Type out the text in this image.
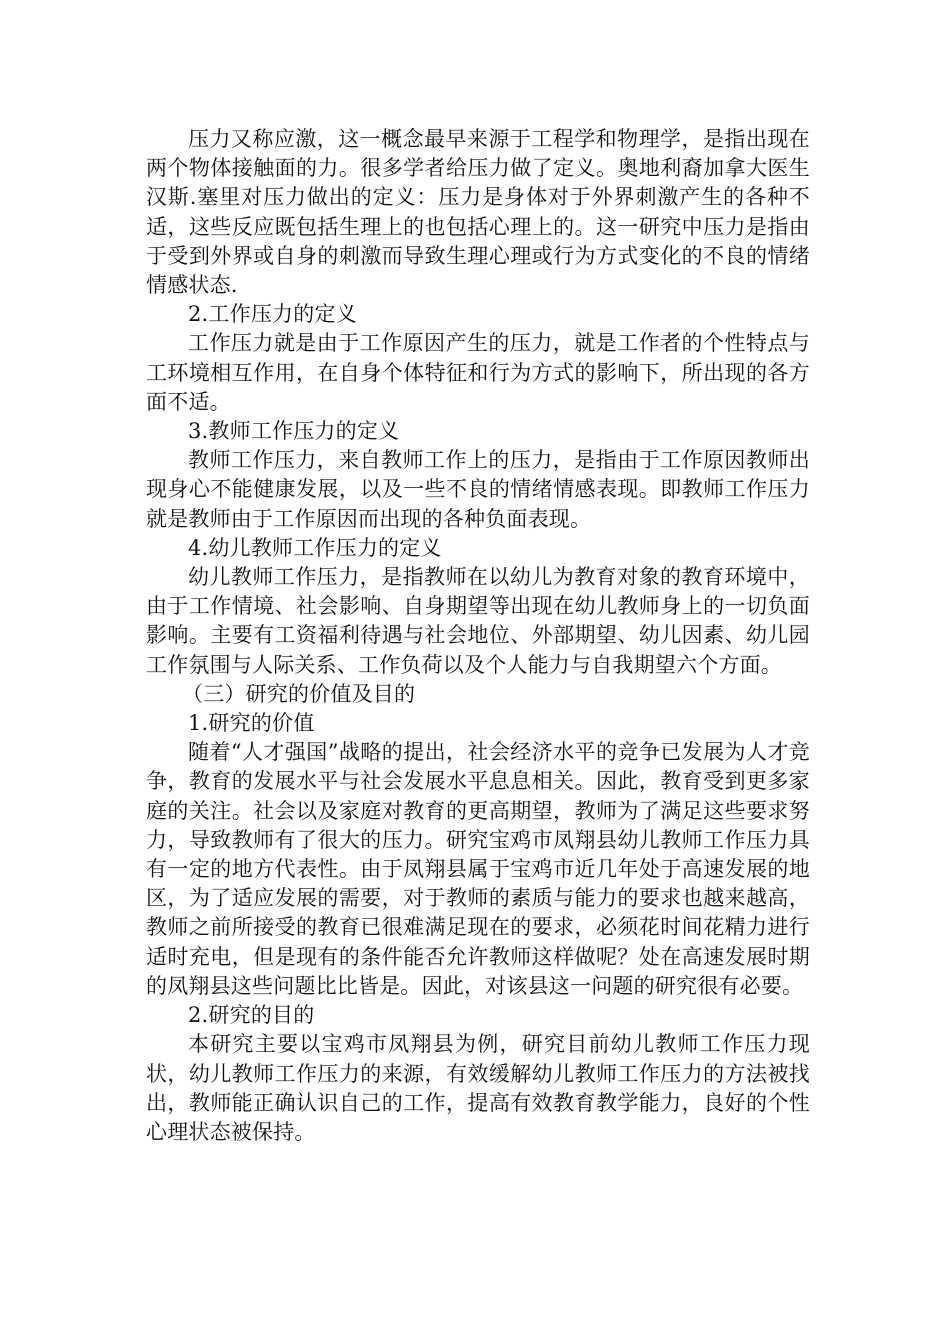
压力又称应激，这一概念最早来源于工程学和物理学，是指出现在两个物体接触面的力。很多学者给压力做了定义。奥地利裔加拿大医生汉斯.塞里对压力做出的定义：压力是身体对于外界刺激产生的各种不适，这些反应既包括生理上的也包括心理上的。这一研究中压力是指由于受到外界或自身的刺激而导致生理心理或行为方式变化的不良的情绪情感状态.

2.工作压力的定义

工作压力就是由于工作原因产生的压力，就是工作者的个性特点与工环境相互作用，在自身个体特征和行为方式的影响下，所出现的各方面不适。

3.教师工作压力的定义

教师工作压力，来自教师工作上的压力，是指由于工作原因教师出现身心不能健康发展，以及一些不良的情绪情感表现。即教师工作压力就是教师由于工作原因而出现的各种负面表现。

4.幼儿教师工作压力的定义

幼儿教师工作压力，是指教师在以幼儿为教育对象的教育环境中，由于工作情境、社会影响、自身期望等出现在幼儿教师身上的一切负面影响。主要有工资福利待遇与社会地位、外部期望、幼儿因素、幼儿园工作氛围与人际关系、工作负荷以及个人能力与自我期望六个方面。

（三）研究的价值及目的

1.研究的价值

随着“人才强国”战略的提出，社会经济水平的竞争已发展为人才竞争，教育的发展水平与社会发展水平息息相关。因此，教育受到更多家庭的关注。社会以及家庭对教育的更高期望，教师为了满足这些要求努力，导致教师有了很大的压力。研究宝鸡市凤翔县幼儿教师工作压力具有一定的地方代表性。由于凤翔县属于宝鸡市近几年处于高速发展的地区，为了适应发展的需要，对于教师的素质与能力的要求也越来越高，教师之前所接受的教育已很难满足现在的要求，必须花时间花精力进行适时充电，但是现有的条件能否允许教师这样做呢？处在高速发展时期的凤翔县这些问题比比皆是。因此，对该县这一问题的研究很有必要。

2.研究的目的

本研究主要以宝鸡市凤翔县为例，研究目前幼儿教师工作压力现状，幼儿教师工作压力的来源，有效缓解幼儿教师工作压力的方法被找出，教师能正确认识自己的工作，提高有效教育教学能力，良好的个性心理状态被保持。
